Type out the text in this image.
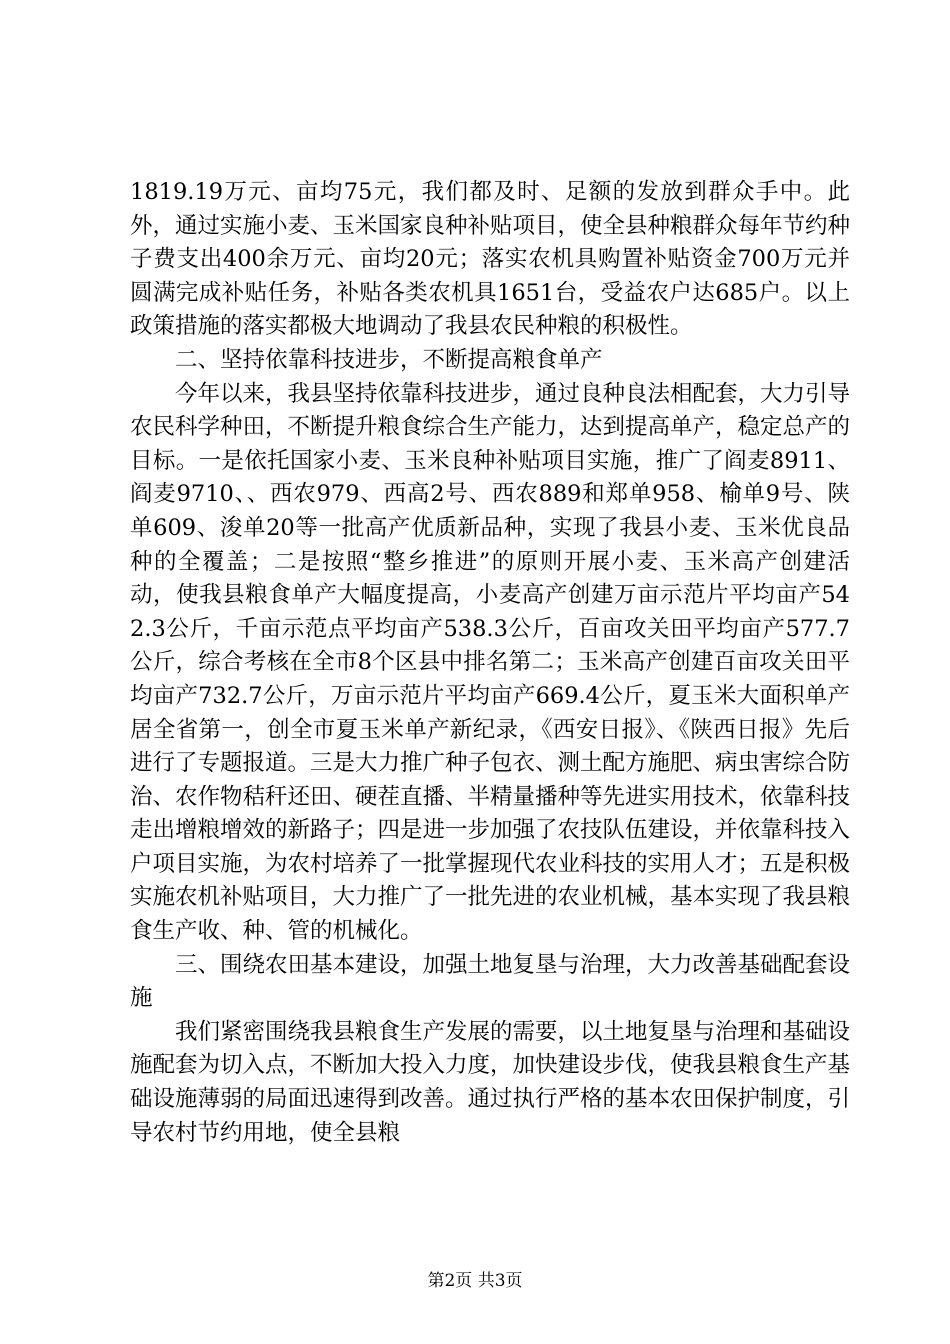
1819.19万元、亩均75元，我们都及时、足额的发放到群众手中。此外，通过实施小麦、玉米国家良种补贴项目，使全县种粮群众每年节约种子费支出400余万元、亩均20元；落实农机具购置补贴资金700万元并圆满完成补贴任务，补贴各类农机具1651台，受益农户达685户。以上政策措施的落实都极大地调动了我县农民种粮的积极性。

二、坚持依靠科技进步，不断提高粮食单产

今年以来，我县坚持依靠科技进步，通过良种良法相配套，大力引导农民科学种田，不断提升粮食综合生产能力，达到提高单产，稳定总产的目标。一是依托国家小麦、玉米良种补贴项目实施，推广了阎麦8911、阎麦9710、、西农979、西高2号、西农889和郑单958、榆单9号、陕单609、浚单20等一批高产优质新品种，实现了我县小麦、玉米优良品种的全覆盖；二是按照“整乡推进”的原则开展小麦、玉米高产创建活动，使我县粮食单产大幅度提高，小麦高产创建万亩示范片平均亩产542.3公斤，千亩示范点平均亩产538.3公斤，百亩攻关田平均亩产577.7公斤，综合考核在全市8个区县中排名第二；玉米高产创建百亩攻关田平均亩产732.7公斤，万亩示范片平均亩产669.4公斤，夏玉米大面积单产居全省第一，创全市夏玉米单产新纪录，《西安日报》、《陕西日报》先后进行了专题报道。三是大力推广种子包衣、测土配方施肥、病虫害综合防治、农作物秸秆还田、硬茬直播、半精量播种等先进实用技术，依靠科技走出增粮增效的新路子；四是进一步加强了农技队伍建设，并依靠科技入户项目实施，为农村培养了一批掌握现代农业科技的实用人才；五是积极实施农机补贴项目，大力推广了一批先进的农业机械，基本实现了我县粮食生产收、种、管的机械化。

三、围绕农田基本建设，加强土地复垦与治理，大力改善基础配套设施

我们紧密围绕我县粮食生产发展的需要，以土地复垦与治理和基础设施配套为切入点，不断加大投入力度，加快建设步伐，使我县粮食生产基础设施薄弱的局面迅速得到改善。通过执行严格的基本农田保护制度，引导农村节约用地，使全县粮

第2页 共3页
